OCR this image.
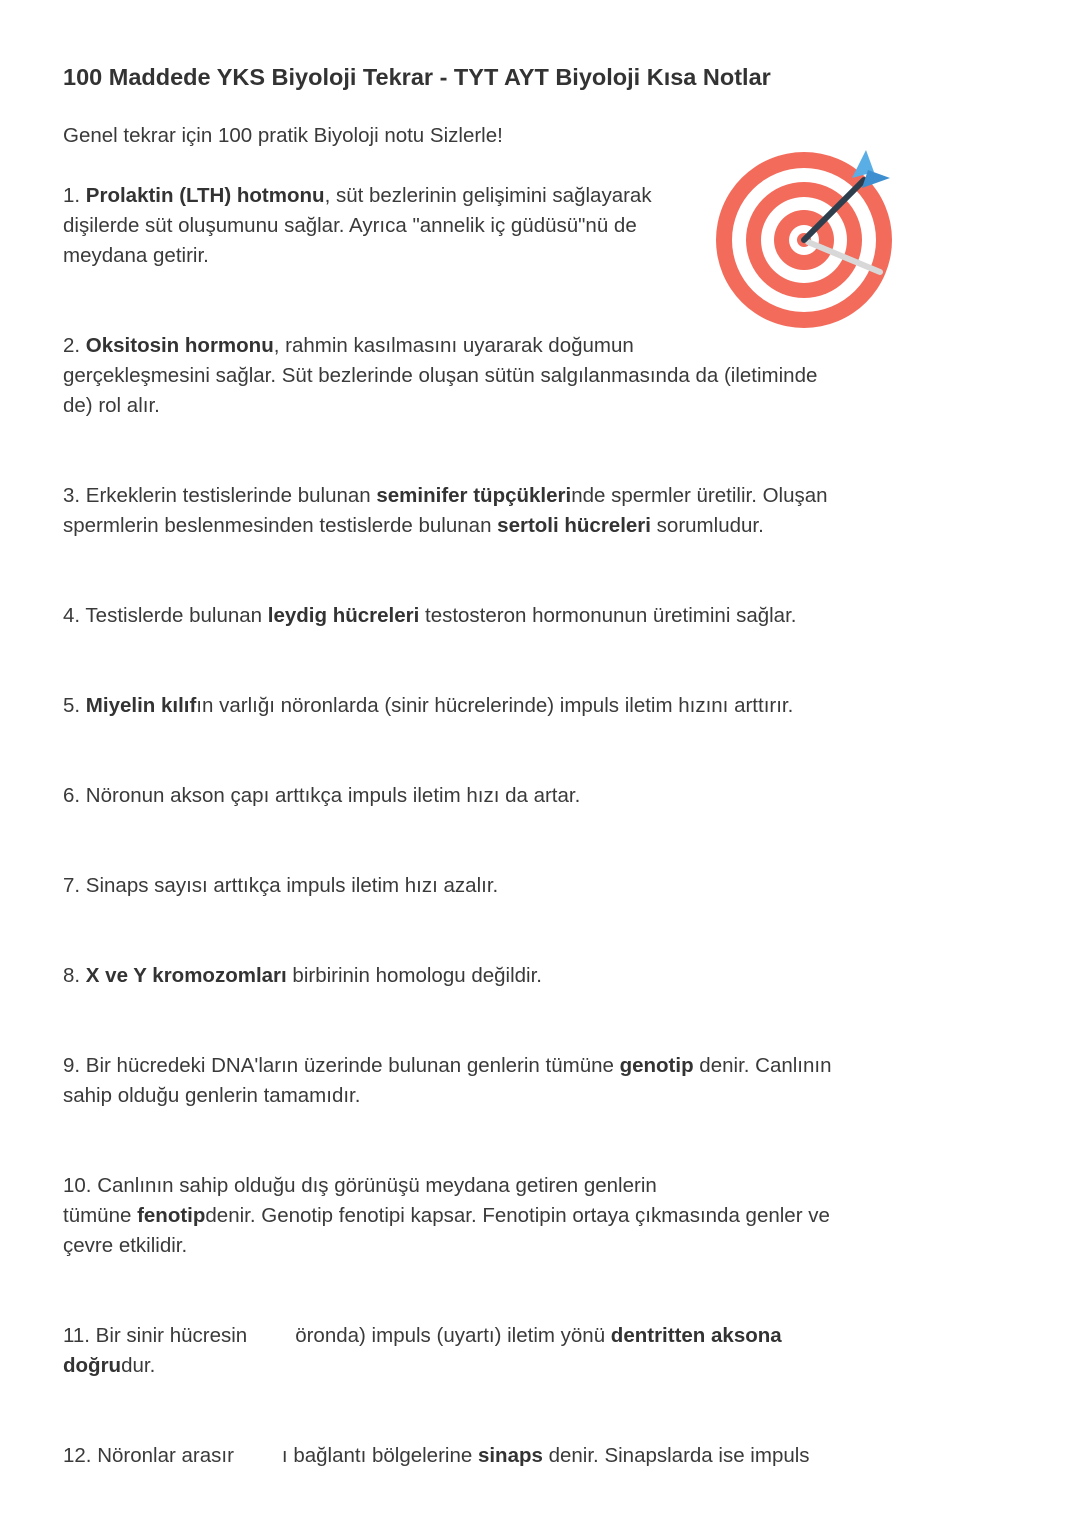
100 Maddede YKS Biyoloji Tekrar - TYT AYT Biyoloji Kısa Notlar

Genel tekrar için 100 pratik Biyoloji notu Sizlerle!

1. Prolaktin (LTH) hotmonu, süt bezlerinin gelişimini sağlayarak
dişilerde süt oluşumunu sağlar. Ayrıca "annelik iç güdüsü"nü de
meydana getirir.

2. Oksitosin hormonu, rahmin kasılmasını uyararak doğumun
gerçekleşmesini sağlar. Süt bezlerinde oluşan sütün salgılanmasında da (iletiminde
de) rol alır.

3. Erkeklerin testislerinde bulunan seminifer tüpçüklerinde spermler üretilir. Oluşan
spermlerin beslenmesinden testislerde bulunan sertoli hücreleri sorumludur.

4. Testislerde bulunan leydig hücreleri testosteron hormonunun üretimini sağlar.

5. Miyelin kılıfın varlığı nöronlarda (sinir hücrelerinde) impuls iletim hızını arttırır.

6. Nöronun akson çapı arttıkça impuls iletim hızı da artar.

7. Sinaps sayısı arttıkça impuls iletim hızı azalır.

8. X ve Y kromozomları birbirinin homologu değildir.

9. Bir hücredeki DNA'ların üzerinde bulunan genlerin tümüne genotip denir. Canlının
sahip olduğu genlerin tamamıdır.

10. Canlının sahip olduğu dış görünüşü meydana getiren genlerin
tümüne fenotipdenir. Genotip fenotipi kapsar. Fenotipin ortaya çıkmasında genler ve
çevre etkilidir.

11. Bir sinir hücresin öronda) impuls (uyartı) iletim yönü dentritten aksona
doğrudur.

12. Nöronlar arasır ı bağlantı bölgelerine sinaps denir. Sinapslarda ise impuls
